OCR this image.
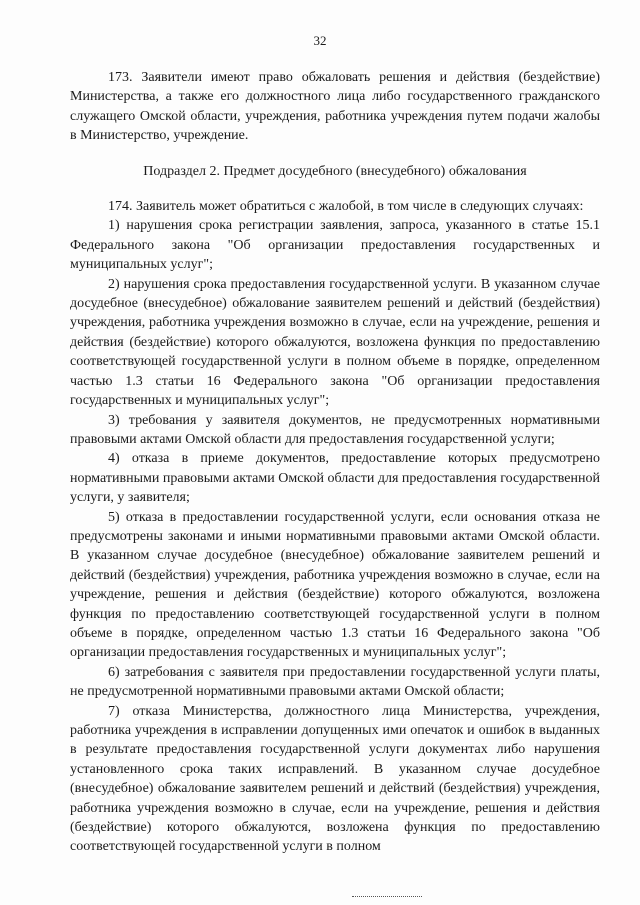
32

173. Заявители имеют право обжаловать решения и действия (бездействие) Министерства, а также его должностного лица либо государственного гражданского служащего Омской области, учреждения, работника учреждения путем подачи жалобы в Министерство, учреждение.

Подраздел 2. Предмет досудебного (внесудебного) обжалования

174. Заявитель может обратиться с жалобой, в том числе в следующих случаях:

1) нарушения срока регистрации заявления, запроса, указанного в статье 15.1 Федерального закона "Об организации предоставления государственных и муниципальных услуг";

2) нарушения срока предоставления государственной услуги. В указанном случае досудебное (внесудебное) обжалование заявителем решений и действий (бездействия) учреждения, работника учреждения возможно в случае, если на учреждение, решения и действия (бездействие) которого обжалуются, возложена функция по предоставлению соответствующей государственной услуги в полном объеме в порядке, определенном частью 1.3 статьи 16 Федерального закона "Об организации предоставления государственных и муниципальных услуг";

3) требования у заявителя документов, не предусмотренных нормативными правовыми актами Омской области для предоставления государственной услуги;

4) отказа в приеме документов, предоставление которых предусмотрено нормативными правовыми актами Омской области для предоставления государственной услуги, у заявителя;

5) отказа в предоставлении государственной услуги, если основания отказа не предусмотрены законами и иными нормативными правовыми актами Омской области. В указанном случае досудебное (внесудебное) обжалование заявителем решений и действий (бездействия) учреждения, работника учреждения возможно в случае, если на учреждение, решения и действия (бездействие) которого обжалуются, возложена функция по предоставлению соответствующей государственной услуги в полном объеме в порядке, определенном частью 1.3 статьи 16 Федерального закона "Об организации предоставления государственных и муниципальных услуг";

6) затребования с заявителя при предоставлении государственной услуги платы, не предусмотренной нормативными правовыми актами Омской области;

7) отказа Министерства, должностного лица Министерства, учреждения, работника учреждения в исправлении допущенных ими опечаток и ошибок в выданных в результате предоставления государственной услуги документах либо нарушения установленного срока таких исправлений. В указанном случае досудебное (внесудебное) обжалование заявителем решений и действий (бездействия) учреждения, работника учреждения возможно в случае, если на учреждение, решения и действия (бездействие) которого обжалуются, возложена функция по предоставлению соответствующей государственной услуги в полном
